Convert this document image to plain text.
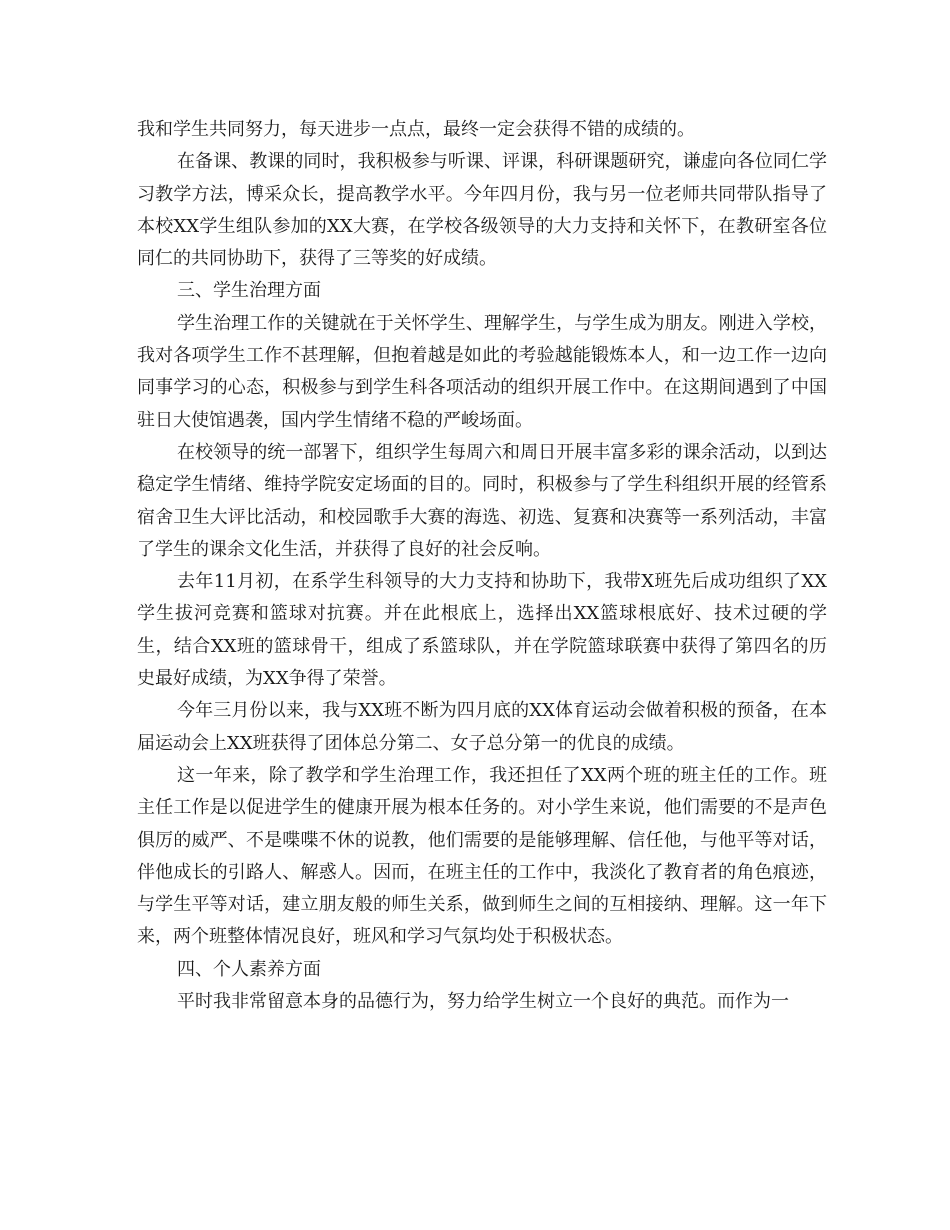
我和学生共同努力，每天进步一点点，最终一定会获得不错的成绩的。

在备课、教课的同时，我积极参与听课、评课，科研课题研究，谦虚向各位同仁学习教学方法，博采众长，提高教学水平。今年四月份，我与另一位老师共同带队指导了本校XX学生组队参加的XX大赛，在学校各级领导的大力支持和关怀下，在教研室各位同仁的共同协助下，获得了三等奖的好成绩。

三、学生治理方面

学生治理工作的关键就在于关怀学生、理解学生，与学生成为朋友。刚进入学校，我对各项学生工作不甚理解，但抱着越是如此的考验越能锻炼本人，和一边工作一边向同事学习的心态，积极参与到学生科各项活动的组织开展工作中。在这期间遇到了中国驻日大使馆遇袭，国内学生情绪不稳的严峻场面。

在校领导的统一部署下，组织学生每周六和周日开展丰富多彩的课余活动，以到达稳定学生情绪、维持学院安定场面的目的。同时，积极参与了学生科组织开展的经管系宿舍卫生大评比活动，和校园歌手大赛的海选、初选、复赛和决赛等一系列活动，丰富了学生的课余文化生活，并获得了良好的社会反响。

去年11月初，在系学生科领导的大力支持和协助下，我带X班先后成功组织了XX学生拔河竞赛和篮球对抗赛。并在此根底上，选择出XX篮球根底好、技术过硬的学生，结合XX班的篮球骨干，组成了系篮球队，并在学院篮球联赛中获得了第四名的历史最好成绩，为XX争得了荣誉。

今年三月份以来，我与XX班不断为四月底的XX体育运动会做着积极的预备，在本届运动会上XX班获得了团体总分第二、女子总分第一的优良的成绩。

这一年来，除了教学和学生治理工作，我还担任了XX两个班的班主任的工作。班主任工作是以促进学生的健康开展为根本任务的。对小学生来说，他们需要的不是声色俱厉的威严、不是喋喋不休的说教，他们需要的是能够理解、信任他，与他平等对话，伴他成长的引路人、解惑人。因而，在班主任的工作中，我淡化了教育者的角色痕迹，与学生平等对话，建立朋友般的师生关系，做到师生之间的互相接纳、理解。这一年下来，两个班整体情况良好，班风和学习气氛均处于积极状态。

四、个人素养方面

平时我非常留意本身的品德行为，努力给学生树立一个良好的典范。而作为一
